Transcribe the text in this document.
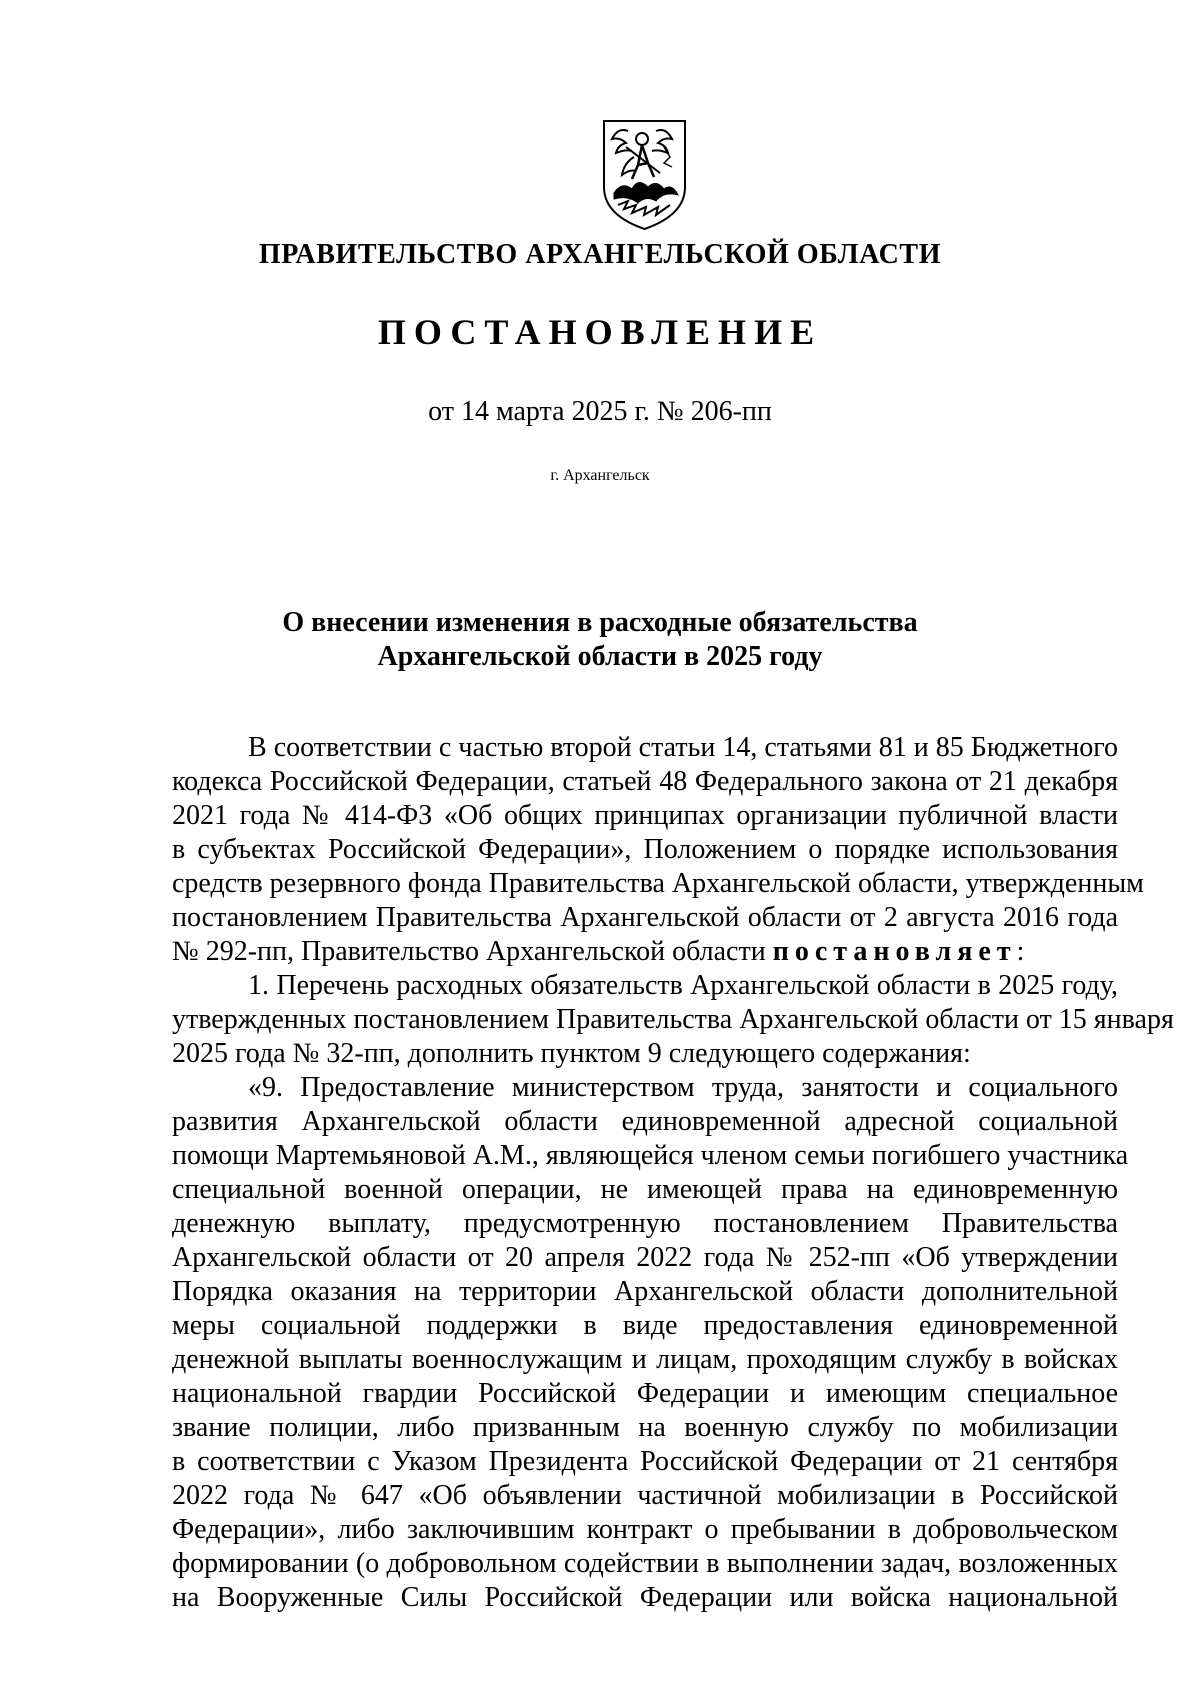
ПРАВИТЕЛЬСТВО АРХАНГЕЛЬСКОЙ ОБЛАСТИ
ПОСТАНОВЛЕНИЕ
от 14 марта 2025 г. № 206-пп
г. Архангельск
О внесении изменения в расходные обязательства
Архангельской области в 2025 году
В соответствии с частью второй статьи 14, статьями 81 и 85 Бюджетного
кодекса Российской Федерации, статьей 48 Федерального закона от 21 декабря
2021 года № 414-ФЗ «Об общих принципах организации публичной власти
в субъектах Российской Федерации», Положением о порядке использования
средств резервного фонда Правительства Архангельской области, утвержденным
постановлением Правительства Архангельской области от 2 августа 2016 года
№ 292-пп, Правительство Архангельской области постановляет:
1. Перечень расходных обязательств Архангельской области в 2025 году,
утвержденных постановлением Правительства Архангельской области от 15 января
2025 года № 32-пп, дополнить пунктом 9 следующего содержания:
«9. Предоставление министерством труда, занятости и социального
развития Архангельской области единовременной адресной социальной
помощи Мартемьяновой А.М., являющейся членом семьи погибшего участника
специальной военной операции, не имеющей права на единовременную
денежную выплату, предусмотренную постановлением Правительства
Архангельской области от 20 апреля 2022 года № 252-пп «Об утверждении
Порядка оказания на территории Архангельской области дополнительной
меры социальной поддержки в виде предоставления единовременной
денежной выплаты военнослужащим и лицам, проходящим службу в войсках
национальной гвардии Российской Федерации и имеющим специальное
звание полиции, либо призванным на военную службу по мобилизации
в соответствии с Указом Президента Российской Федерации от 21 сентября
2022 года № 647 «Об объявлении частичной мобилизации в Российской
Федерации», либо заключившим контракт о пребывании в добровольческом
формировании (о добровольном содействии в выполнении задач, возложенных
на Вооруженные Силы Российской Федерации или войска национальной
